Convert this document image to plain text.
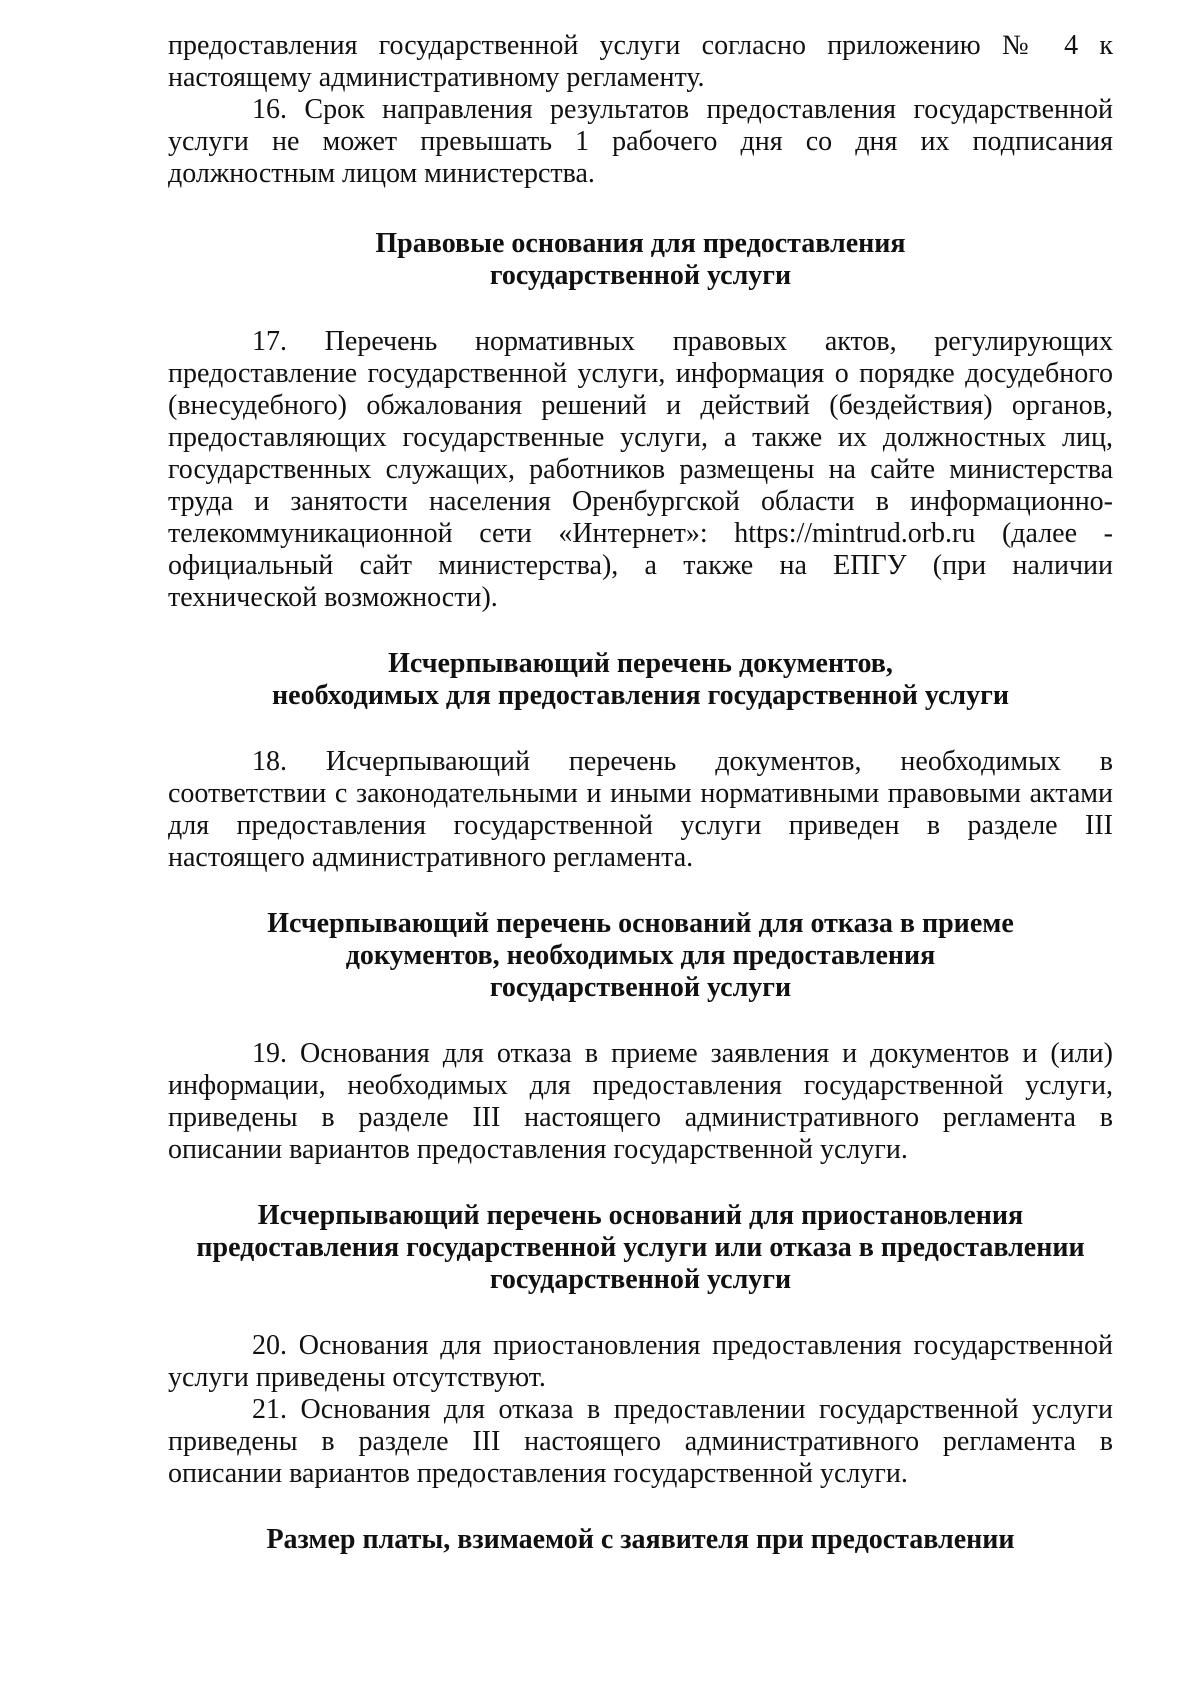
предоставления государственной услуги согласно приложению № 4 к настоящему административному регламенту.

16. Срок направления результатов предоставления государственной услуги не может превышать 1 рабочего дня со дня их подписания должностным лицом министерства.

Правовые основания для предоставления
государственной услуги

17. Перечень нормативных правовых актов, регулирующих предоставление государственной услуги, информация о порядке досудебного (внесудебного) обжалования решений и действий (бездействия) органов, предоставляющих государственные услуги, а также их должностных лиц, государственных служащих, работников размещены на сайте министерства труда и занятости населения Оренбургской области в информационно-телекоммуникационной сети «Интернет»: https://mintrud.orb.ru (далее - официальный сайт министерства), а также на ЕПГУ (при наличии технической возможности).

Исчерпывающий перечень документов,
необходимых для предоставления государственной услуги

18. Исчерпывающий перечень документов, необходимых в соответствии с законодательными и иными нормативными правовыми актами для предоставления государственной услуги приведен в разделе III настоящего административного регламента.

Исчерпывающий перечень оснований для отказа в приеме
документов, необходимых для предоставления
государственной услуги

19. Основания для отказа в приеме заявления и документов и (или) информации, необходимых для предоставления государственной услуги, приведены в разделе III настоящего административного регламента в описании вариантов предоставления государственной услуги.

Исчерпывающий перечень оснований для приостановления
предоставления государственной услуги или отказа в предоставлении
государственной услуги

20. Основания для приостановления предоставления государственной услуги приведены отсутствуют.

21. Основания для отказа в предоставлении государственной услуги приведены в разделе III настоящего административного регламента в описании вариантов предоставления государственной услуги.

Размер платы, взимаемой с заявителя при предоставлении
